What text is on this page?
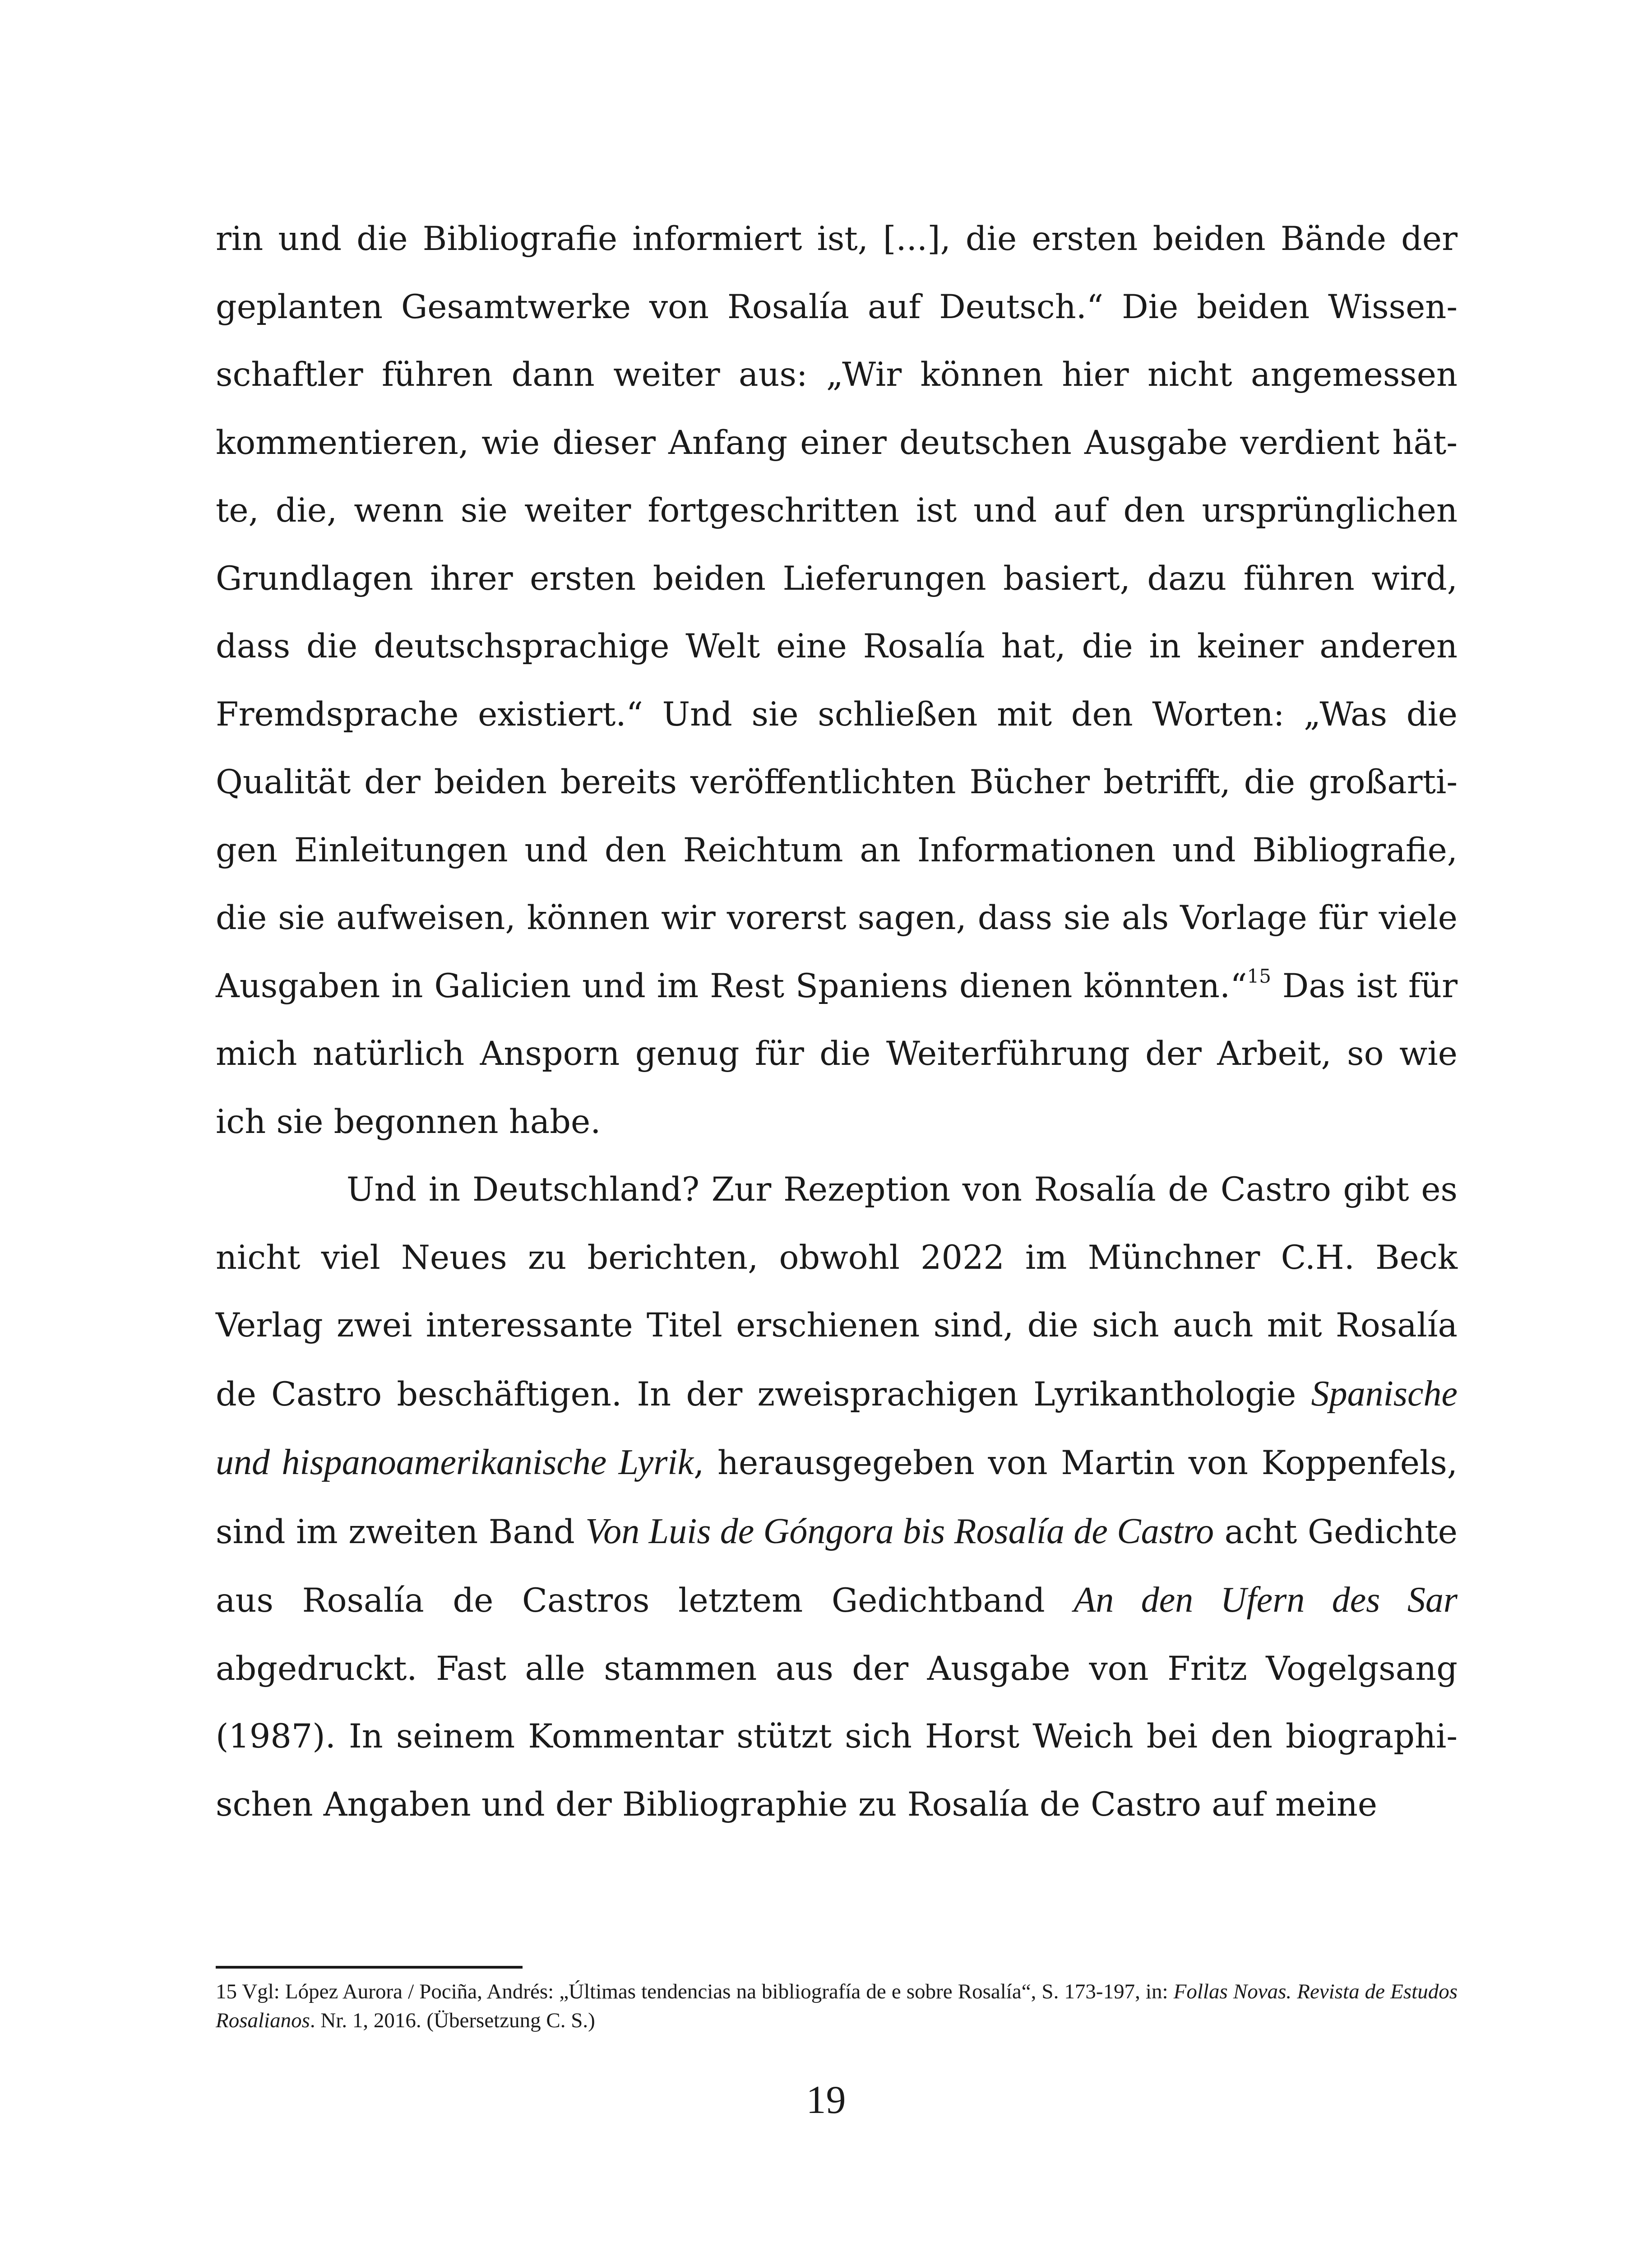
rin und die Bibliografie informiert ist, [...], die ersten beiden Bände der geplanten Gesamtwerke von Rosalía auf Deutsch.“ Die beiden Wissenschaftler führen dann weiter aus: „Wir können hier nicht angemessen kommentieren, wie dieser Anfang einer deutschen Ausgabe verdient hätte, die, wenn sie weiter fortgeschritten ist und auf den ursprünglichen Grundlagen ihrer ersten beiden Lieferungen basiert, dazu führen wird, dass die deutschsprachige Welt eine Rosalía hat, die in keiner anderen Fremdsprache existiert.“ Und sie schließen mit den Worten: „Was die Qualität der beiden bereits veröffentlichten Bücher betrifft, die großartigen Einleitungen und den Reichtum an Informationen und Bibliografie, die sie aufweisen, können wir vorerst sagen, dass sie als Vorlage für viele Ausgaben in Galicien und im Rest Spaniens dienen könnten.“$^{15}$ Das ist für mich natürlich Ansporn genug für die Weiterführung der Arbeit, so wie ich sie begonnen habe.

Und in Deutschland? Zur Rezeption von Rosalía de Castro gibt es nicht viel Neues zu berichten, obwohl 2022 im Münchner C.H. Beck Verlag zwei interessante Titel erschienen sind, die sich auch mit Rosalía de Castro beschäftigen. In der zweisprachigen Lyrikanthologie Spanische und hispanoamerikanische Lyrik, herausgegeben von Martin von Koppenfels, sind im zweiten Band Von Luis de Góngora bis Rosalía de Castro acht Gedichte aus Rosalía de Castros letztem Gedichtband An den Ufern des Sar abgedruckt. Fast alle stammen aus der Ausgabe von Fritz Vogelgsang (1987). In seinem Kommentar stützt sich Horst Weich bei den biographischen Angaben und der Bibliographie zu Rosalía de Castro auf meine

15 Vgl: López Aurora / Pociña, Andrés: „Últimas tendencias na bibliografía de e sobre Rosalía“, S. 173-197, in: Follas Novas. Revista de Estudos Rosalianos. Nr. 1, 2016. (Übersetzung C. S.)
19
